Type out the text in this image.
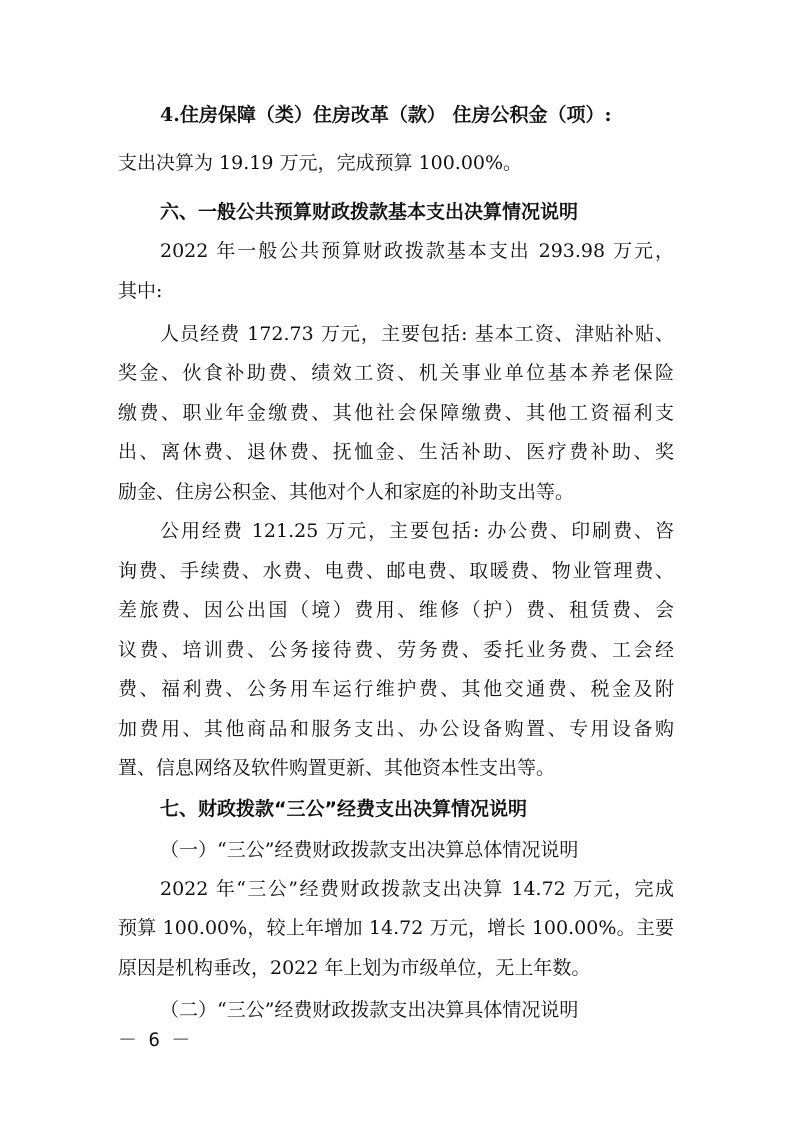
4.住房保障（类）住房改革（款） 住房公积金（项）:
支出决算为 19.19 万元，完成预算 100.00%。
六、一般公共预算财政拨款基本支出决算情况说明
2022 年一般公共预算财政拨款基本支出 293.98 万元，
其中:
人员经费 172.73 万元，主要包括: 基本工资、津贴补贴、
奖金、伙食补助费、绩效工资、机关事业单位基本养老保险
缴费、职业年金缴费、其他社会保障缴费、其他工资福利支
出、离休费、退休费、抚恤金、生活补助、医疗费补助、奖
励金、住房公积金、其他对个人和家庭的补助支出等。
公用经费 121.25 万元，主要包括: 办公费、印刷费、咨
询费、手续费、水费、电费、邮电费、取暖费、物业管理费、
差旅费、因公出国（境）费用、维修（护）费、租赁费、会
议费、培训费、公务接待费、劳务费、委托业务费、工会经
费、福利费、公务用车运行维护费、其他交通费、税金及附
加费用、其他商品和服务支出、办公设备购置、专用设备购
置、信息网络及软件购置更新、其他资本性支出等。
七、财政拨款“三公”经费支出决算情况说明
（一）“三公”经费财政拨款支出决算总体情况说明
2022 年“三公”经费财政拨款支出决算 14.72 万元，完成
预算 100.00%，较上年增加 14.72 万元，增长 100.00%。主要
原因是机构垂改，2022 年上划为市级单位，无上年数。
（二）“三公”经费财政拨款支出决算具体情况说明
－ 6 －
